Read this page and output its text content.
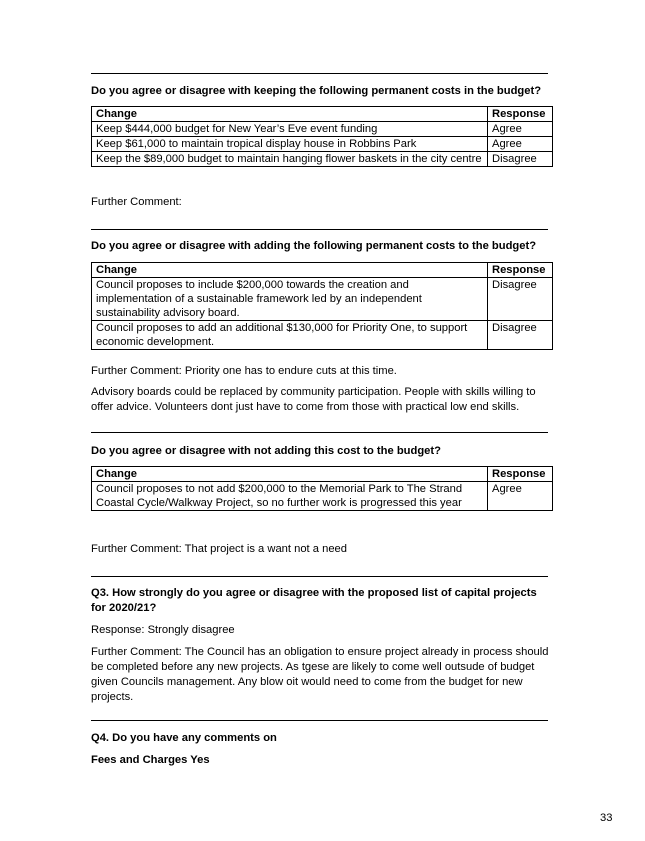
Do you agree or disagree with keeping the following permanent costs in the budget?
Change	Response
Keep $444,000 budget for New Year’s Eve event funding	Agree
Keep $61,000 to maintain tropical display house in Robbins Park	Agree
Keep the $89,000 budget to maintain hanging flower baskets in the city centre	Disagree
Further Comment:
Do you agree or disagree with adding the following permanent costs to the budget?
Change	Response
Council proposes to include $200,000 towards the creation and implementation of a sustainable framework led by an independent sustainability advisory board.	Disagree
Council proposes to add an additional $130,000 for Priority One, to support economic development.	Disagree
Further Comment: Priority one has to endure cuts at this time.
Advisory boards could be replaced by community participation. People with skills willing to offer advice. Volunteers dont just have to come from those with practical low end skills.
Do you agree or disagree with not adding this cost to the budget?
Change	Response
Council proposes to not add $200,000 to the Memorial Park to The Strand Coastal Cycle/Walkway Project, so no further work is progressed this year	Agree
Further Comment: That project is a want not a need
Q3. How strongly do you agree or disagree with the proposed list of capital projects for 2020/21?
Response: Strongly disagree
Further Comment: The Council has an obligation to ensure project already in process should be completed before any new projects. As tgese are likely to come well outsude of budget given Councils management. Any blow oit would need to come from the budget for new projects.
Q4. Do you have any comments on
Fees and Charges Yes
33
